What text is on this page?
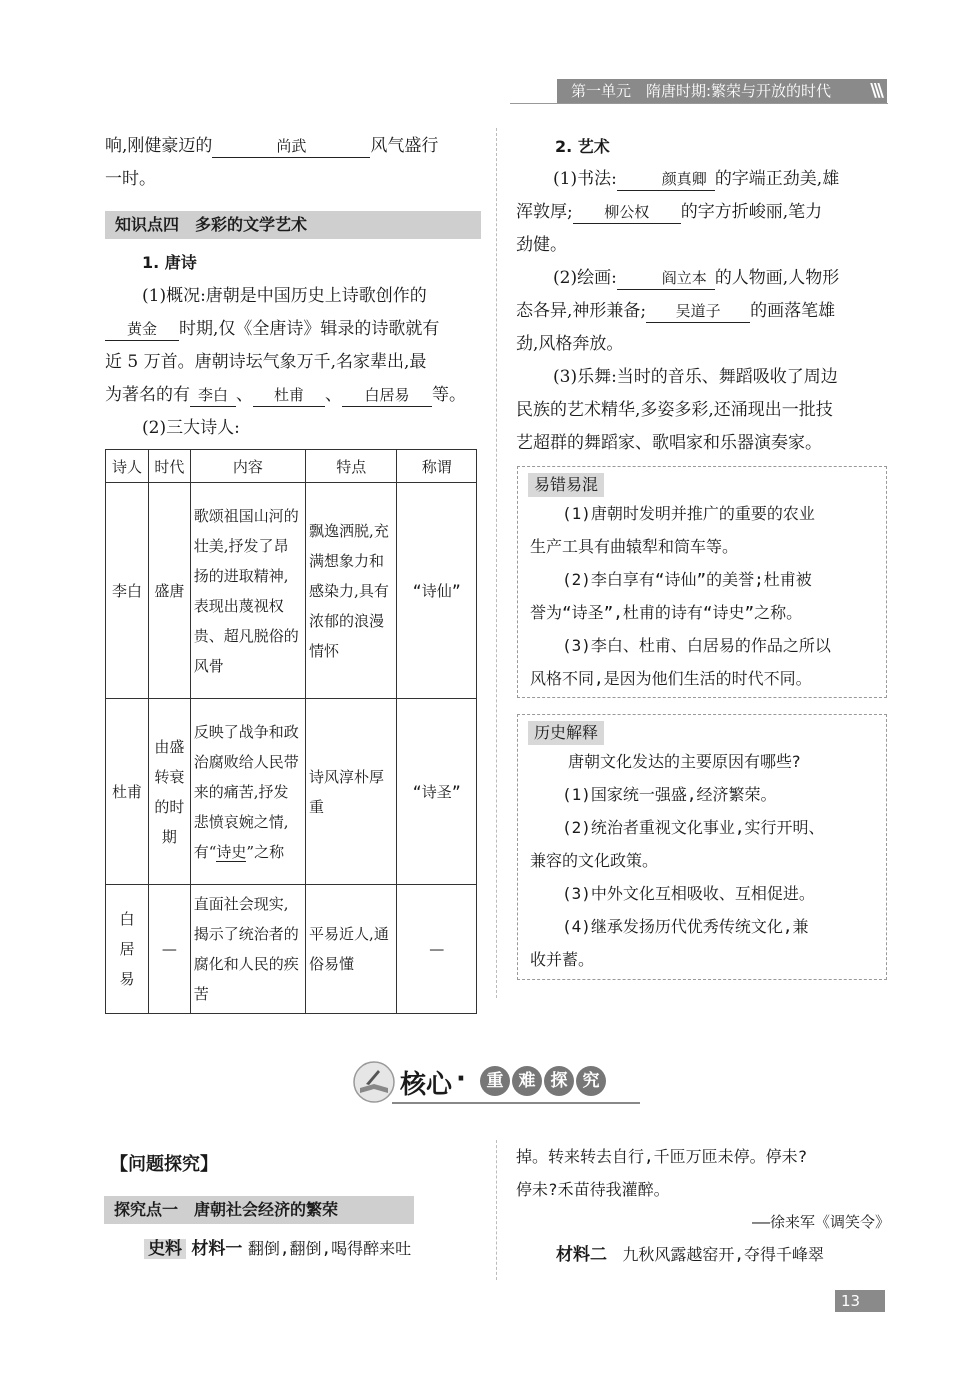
第一单元　隋唐时期:繁荣与开放的时代 \\\
响,刚健豪迈的	尚武	风气盛行
一时。
知识点四　多彩的文学艺术
1. 唐诗
(1)概况:唐朝是中国历史上诗歌创作的
黄金 时期,仅《全唐诗》辑录的诗歌就有
近 5 万首。唐朝诗坛气象万千,名家辈出,最
为著名的有 李白 、 杜甫 、 白居易 等。
(2)三大诗人:
诗人	时代	内容	特点	称谓
李白	盛唐	歌颂祖国山河的壮美,抒发了昂扬的进取精神,表现出蔑视权贵、超凡脱俗的风骨	飘逸洒脱,充满想象力和感染力,具有浓郁的浪漫情怀	“诗仙”
杜甫	由盛转衰的时期	反映了战争和政治腐败给人民带来的痛苦,抒发悲愤哀婉之情,有“诗史”之称	诗风淳朴厚重	“诗圣”
白居易	—	直面社会现实,揭示了统治者的腐化和人民的疾苦	平易近人,通俗易懂	—
2. 艺术
(1)书法:	颜真卿 的字端正劲美,雄
浑敦厚; 柳公权 的字方折峻丽,笔力
劲健。
(2)绘画:	阎立本 的人物画,人物形
态各异,神形兼备; 吴道子 的画落笔雄
劲,风格奔放。
(3)乐舞:当时的音乐、舞蹈吸收了周边
民族的艺术精华,多姿多彩,还涌现出一批技
艺超群的舞蹈家、歌唱家和乐器演奏家。
易错易混
(1)唐朝时发明并推广的重要的农业
生产工具有曲辕犁和筒车等。
(2)李白享有“诗仙”的美誉;杜甫被
誉为“诗圣”,杜甫的诗有“诗史”之称。
(3)李白、杜甫、白居易的作品之所以
风格不同,是因为他们生活的时代不同。
历史解释
唐朝文化发达的主要原因有哪些?
(1)国家统一强盛,经济繁荣。
(2)统治者重视文化事业,实行开明、
兼容的文化政策。
(3)中外文化互相吸收、互相促进。
(4)继承发扬历代优秀传统文化,兼
收并蓄。
核心 ·	重 难 探 究
【问题探究】
探究点一　唐朝社会经济的繁荣
史料 材料一 翻倒,翻倒,喝得醉来吐
掉。转来转去自行,千匝万匝未停。停未?
停未?禾苗待我灌醉。
——徐来军《调笑令》
材料二 九秋风露越窑开,夺得千峰翠
13
